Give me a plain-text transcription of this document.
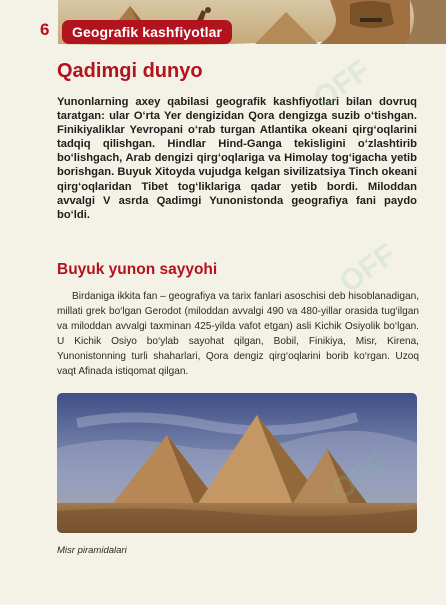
6	Geografik kashfiyotlar
Qadimgi dunyo

Yunonlarning axey qabilasi geografik kashfiyotlari bilan dovruq taratgan: ular O‘rta Yer dengizidan Qora dengizga suzib o‘tishgan. Finikiyaliklar Yevropani o‘rab turgan Atlantika okeani qirg‘oqlarini tadqiq qilishgan. Hindlar Hind-Ganga tekisligini o‘zlashtirib bo‘lishgach, Arab dengizi qirg‘oqlariga va Himolay tog‘igacha yetib borishgan. Buyuk Xitoyda vujudga kelgan sivilizatsiya Tinch okeani qirg‘oqlaridan Tibet tog‘liklariga qadar yetib bordi. Miloddan avvalgi V asrda Qadimgi Yunonistonda geografiya fani paydo bo‘ldi.

Buyuk yunon sayyohi

Birdaniga ikkita fan – geografiya va tarix fanlari asoschisi deb hisoblanadigan, millati grek bo‘lgan Gerodot (miloddan avvalgi 490 va 480-yillar orasida tug‘ilgan va miloddan avvalgi taxminan 425-yilda vafot etgan) asli Kichik Osiyolik bo‘lgan. U Kichik Osiyo bo‘ylab sayohat qilgan, Bobil, Finikiya, Misr, Kirena, Yunonistonning turli shaharlari, Qora dengiz qirg‘oqlarini borib ko‘rgan. Uzoq vaqt Afinada istiqomat qilgan.

Misr piramidalari
OFF
OFF
